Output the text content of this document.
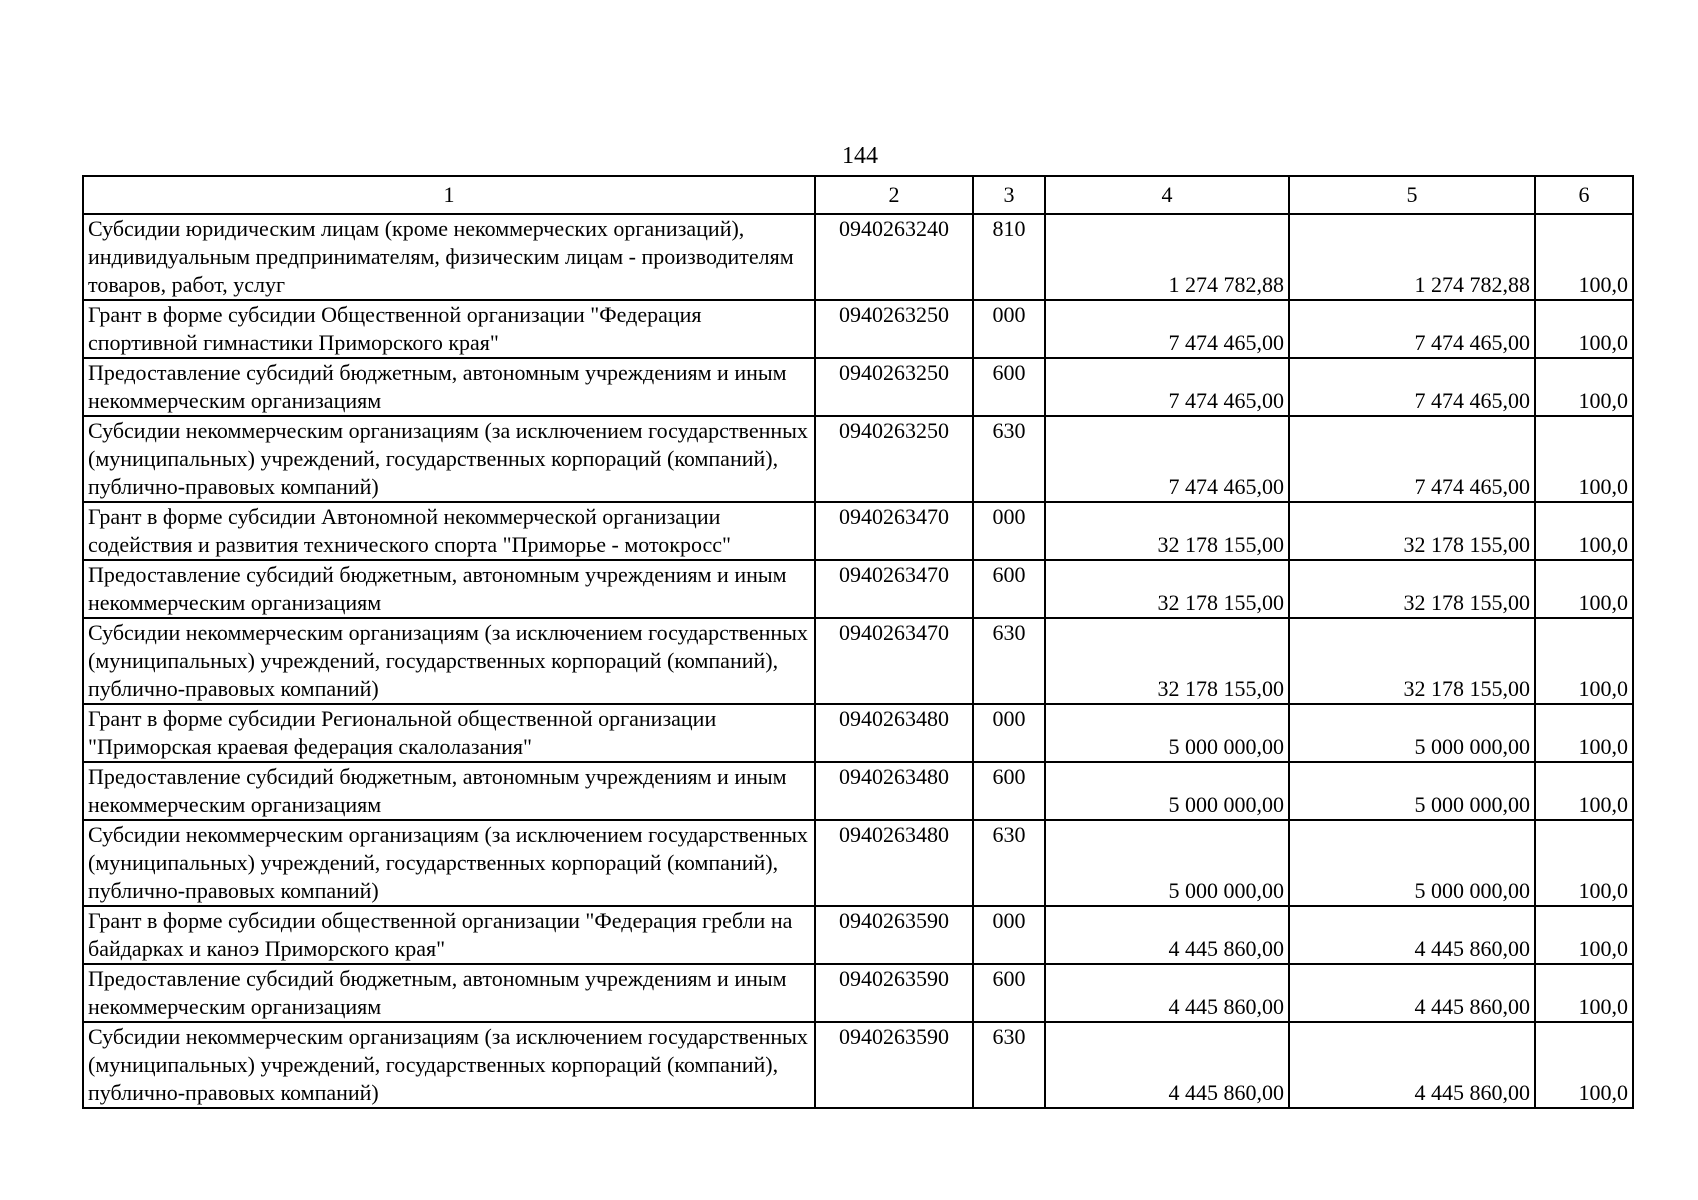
144
1	2	3	4	5	6
Субсидии юридическим лицам (кроме некоммерческих организаций), индивидуальным предпринимателям, физическим лицам - производителям товаров, работ, услуг	0940263240	810	1 274 782,88	1 274 782,88	100,0
Грант в форме субсидии Общественной организации "Федерация спортивной гимнастики Приморского края"	0940263250	000	7 474 465,00	7 474 465,00	100,0
Предоставление субсидий бюджетным, автономным учреждениям и иным некоммерческим организациям	0940263250	600	7 474 465,00	7 474 465,00	100,0
Субсидии некоммерческим организациям (за исключением государственных (муниципальных) учреждений, государственных корпораций (компаний), публично-правовых компаний)	0940263250	630	7 474 465,00	7 474 465,00	100,0
Грант в форме субсидии Автономной некоммерческой организации содействия и развития технического спорта "Приморье - мотокросс"	0940263470	000	32 178 155,00	32 178 155,00	100,0
Предоставление субсидий бюджетным, автономным учреждениям и иным некоммерческим организациям	0940263470	600	32 178 155,00	32 178 155,00	100,0
Субсидии некоммерческим организациям (за исключением государственных (муниципальных) учреждений, государственных корпораций (компаний), публично-правовых компаний)	0940263470	630	32 178 155,00	32 178 155,00	100,0
Грант в форме субсидии Региональной общественной организации "Приморская краевая федерация скалолазания"	0940263480	000	5 000 000,00	5 000 000,00	100,0
Предоставление субсидий бюджетным, автономным учреждениям и иным некоммерческим организациям	0940263480	600	5 000 000,00	5 000 000,00	100,0
Субсидии некоммерческим организациям (за исключением государственных (муниципальных) учреждений, государственных корпораций (компаний), публично-правовых компаний)	0940263480	630	5 000 000,00	5 000 000,00	100,0
Грант в форме субсидии общественной организации "Федерация гребли на байдарках и каноэ Приморского края"	0940263590	000	4 445 860,00	4 445 860,00	100,0
Предоставление субсидий бюджетным, автономным учреждениям и иным некоммерческим организациям	0940263590	600	4 445 860,00	4 445 860,00	100,0
Субсидии некоммерческим организациям (за исключением государственных (муниципальных) учреждений, государственных корпораций (компаний), публично-правовых компаний)	0940263590	630	4 445 860,00	4 445 860,00	100,0
